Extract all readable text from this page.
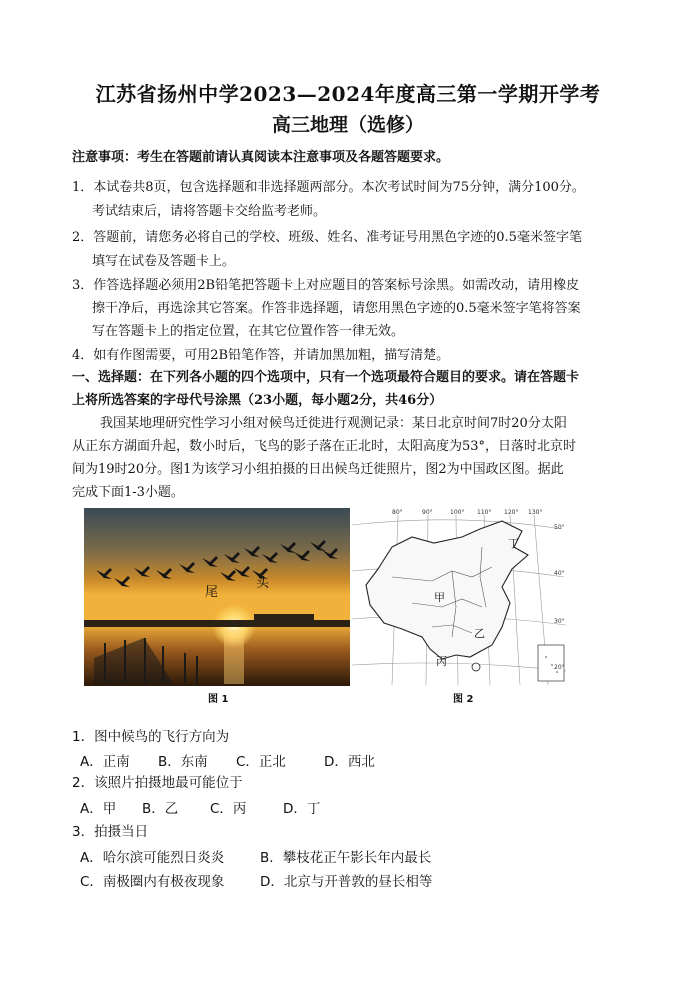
江苏省扬州中学2023—2024年度高三第一学期开学考
高三地理（选修）
注意事项：考生在答题前请认真阅读本注意事项及各题答题要求。
1．本试卷共8页，包含选择题和非选择题两部分。本次考试时间为75分钟，满分100分。
考试结束后，请将答题卡交给监考老师。
2．答题前，请您务必将自己的学校、班级、姓名、准考证号用黑色字迹的0.5毫米签字笔
填写在试卷及答题卡上。
3．作答选择题必须用2B铅笔把答题卡上对应题目的答案标号涂黑。如需改动，请用橡皮
擦干净后，再选涂其它答案。作答非选择题，请您用黑色字迹的0.5毫米签字笔将答案
写在答题卡上的指定位置，在其它位置作答一律无效。
4．如有作图需要，可用2B铅笔作答，并请加黑加粗，描写清楚。
一、选择题：在下列各小题的四个选项中，只有一个选项最符合题目的要求。请在答题卡
上将所选答案的字母代号涂黑（23小题，每小题2分，共46分）
我国某地理研究性学习小组对候鸟迁徙进行观测记录：某日北京时间7时20分太阳
从正东方湖面升起，数小时后，飞鸟的影子落在正北时，太阳高度为53°，日落时北京时
间为19时20分。图1为该学习小组拍摄的日出候鸟迁徙照片，图2为中国政区图。据此
完成下面1-3小题。
尾
头
80°	90°	100° 110° 120° 130°
50°
40°
30°
20°
甲
乙
丙
丁
图 1	图 2
1．图中候鸟的飞行方向为
A．正南 B．东南 C．正北	D．西北
2．该照片拍摄地最可能位于
A．甲 B．乙 C．丙	D．丁
3．拍摄当日
A．哈尔滨可能烈日炎炎	B．攀枝花正午影长年内最长
C．南极圈内有极夜现象	D．北京与开普敦的昼长相等
